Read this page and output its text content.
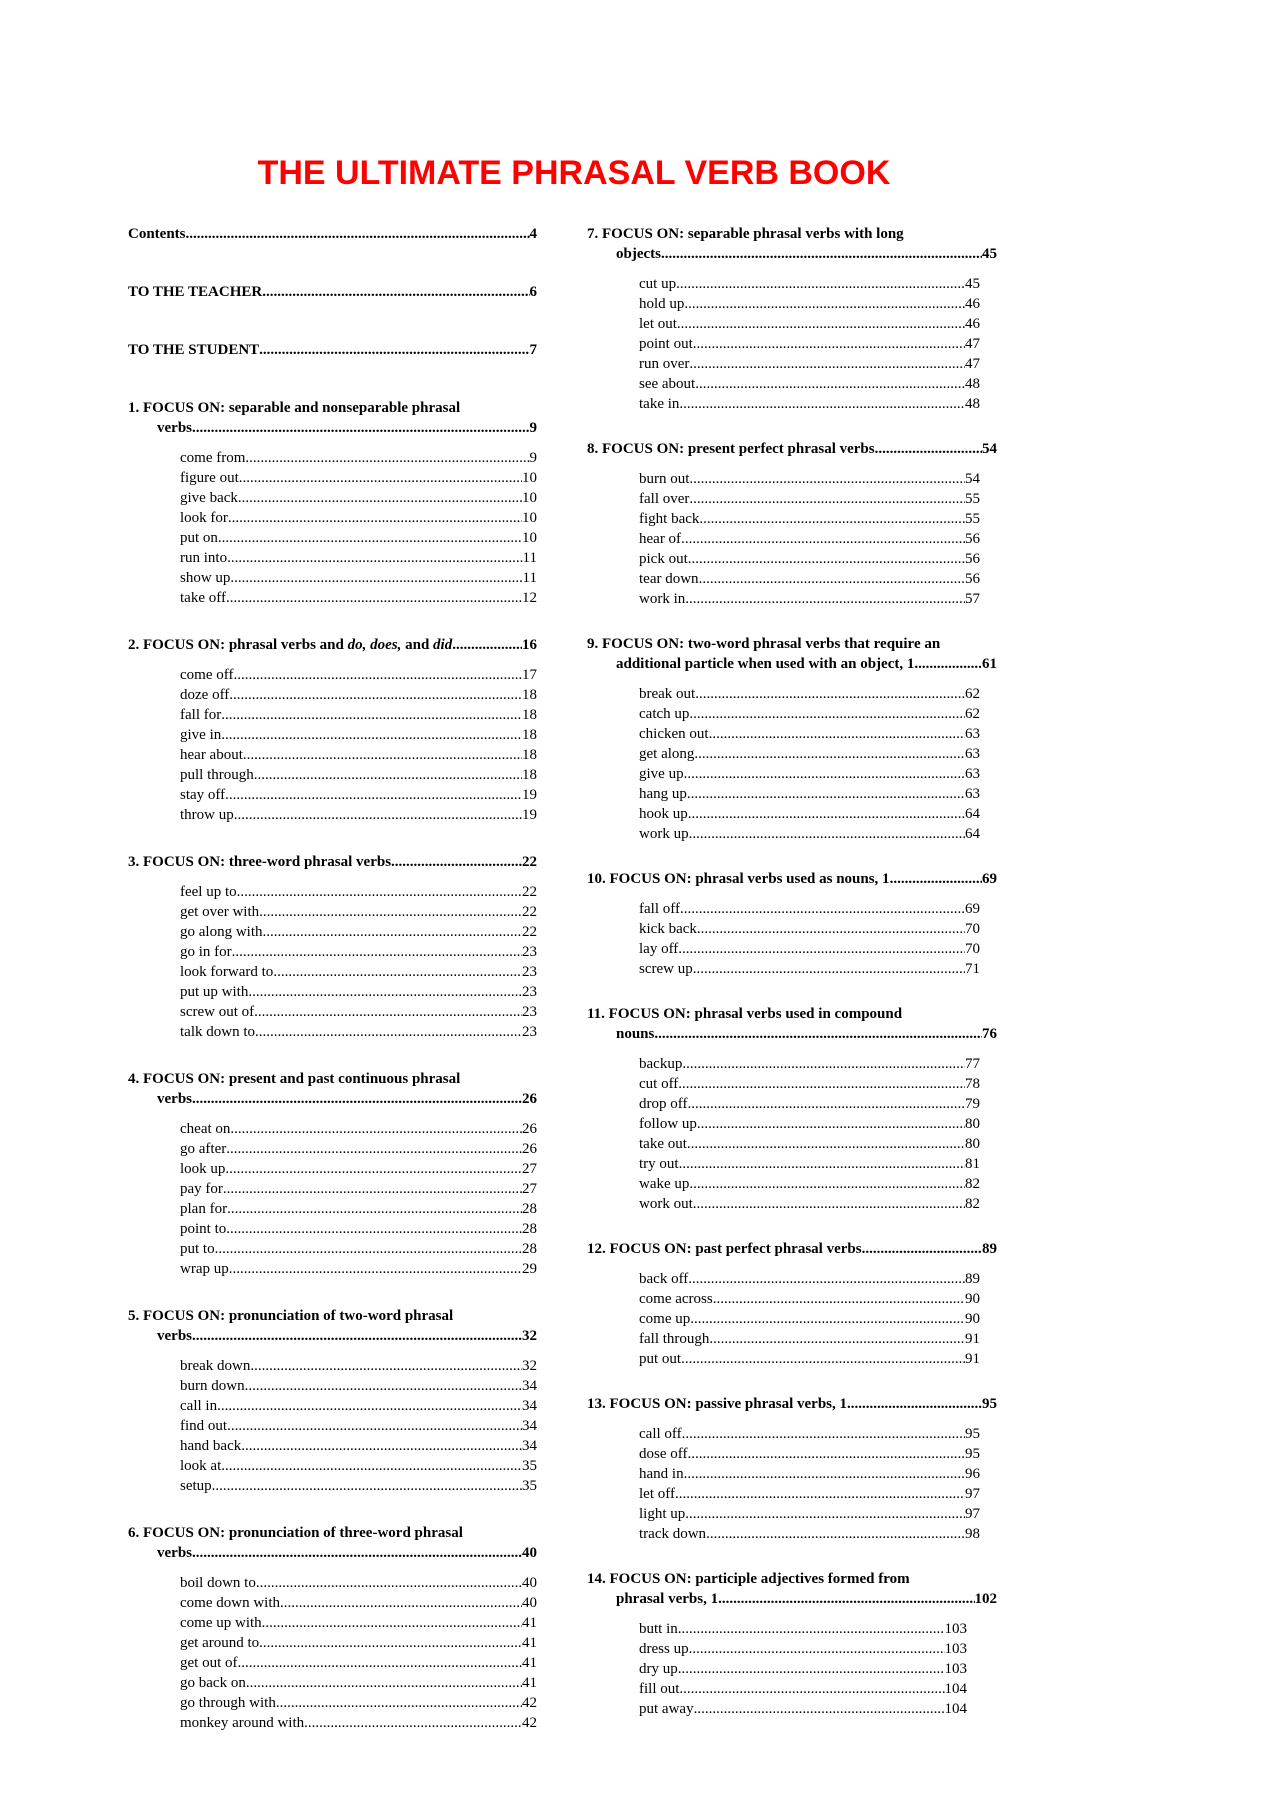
THE ULTIMATE PHRASAL VERB BOOK
Contents .....	4
TO THE TEACHER .....	6
TO THE STUDENT .....	7
1. FOCUS ON: separable and nonseparable phrasal
verbs .....	9
come from .....	9
figure out .....	10
give back .....	10
look for .....	10
put on .....	10
run into .....	11
show up .....	11
take off .....	12
2. FOCUS ON: phrasal verbs and do, does, and did .....	16
come off .....	17
doze off .....	18
fall for .....	18
give in .....	18
hear about .....	18
pull through .....	18
stay off .....	19
throw up .....	19
3. FOCUS ON: three-word phrasal verbs .....	22
feel up to .....	22
get over with .....	22
go along with .....	22
go in for .....	23
look forward to .....	23
put up with .....	23
screw out of .....	23
talk down to .....	23
4. FOCUS ON: present and past continuous phrasal
verbs .....	26
cheat on .....	26
go after .....	26
look up .....	27
pay for .....	27
plan for .....	28
point to .....	28
put to .....	28
wrap up .....	29
5. FOCUS ON: pronunciation of two-word phrasal
verbs .....	32
break down .....	32
burn down .....	34
call in .....	34
find out .....	34
hand back .....	34
look at .....	35
setup .....	35
6. FOCUS ON: pronunciation of three-word phrasal
verbs .....	40
boil down to .....	40
come down with .....	40
come up with .....	41
get around to .....	41
get out of .....	41
go back on .....	41
go through with .....	42
monkey around with .....	42
7. FOCUS ON: separable phrasal verbs with long
objects .....	45
cut up .....	45
hold up .....	46
let out .....	46
point out .....	47
run over .....	47
see about .....	48
take in .....	48
8. FOCUS ON: present perfect phrasal verbs .....	54
burn out .....	54
fall over .....	55
fight back .....	55
hear of .....	56
pick out .....	56
tear down .....	56
work in .....	57
9. FOCUS ON: two-word phrasal verbs that require an
additional particle when used with an object, 1 .....	61
break out .....	62
catch up .....	62
chicken out .....	63
get along .....	63
give up .....	63
hang up .....	63
hook up .....	64
work up .....	64
10. FOCUS ON: phrasal verbs used as nouns, 1 .....	69
fall off .....	69
kick back .....	70
lay off .....	70
screw up .....	71
11. FOCUS ON: phrasal verbs used in compound
nouns .....	76
backup .....	77
cut off .....	78
drop off .....	79
follow up .....	80
take out .....	80
try out .....	81
wake up .....	82
work out .....	82
12. FOCUS ON: past perfect phrasal verbs .....	89
back off .....	89
come across .....	90
come up .....	90
fall through .....	91
put out .....	91
13. FOCUS ON: passive phrasal verbs, 1 .....	95
call off .....	95
dose off .....	95
hand in .....	96
let off .....	97
light up .....	97
track down .....	98
14. FOCUS ON: participle adjectives formed from
phrasal verbs, 1 .....	102
butt in .....	103
dress up .....	103
dry up .....	103
fill out .....	104
put away .....	104
